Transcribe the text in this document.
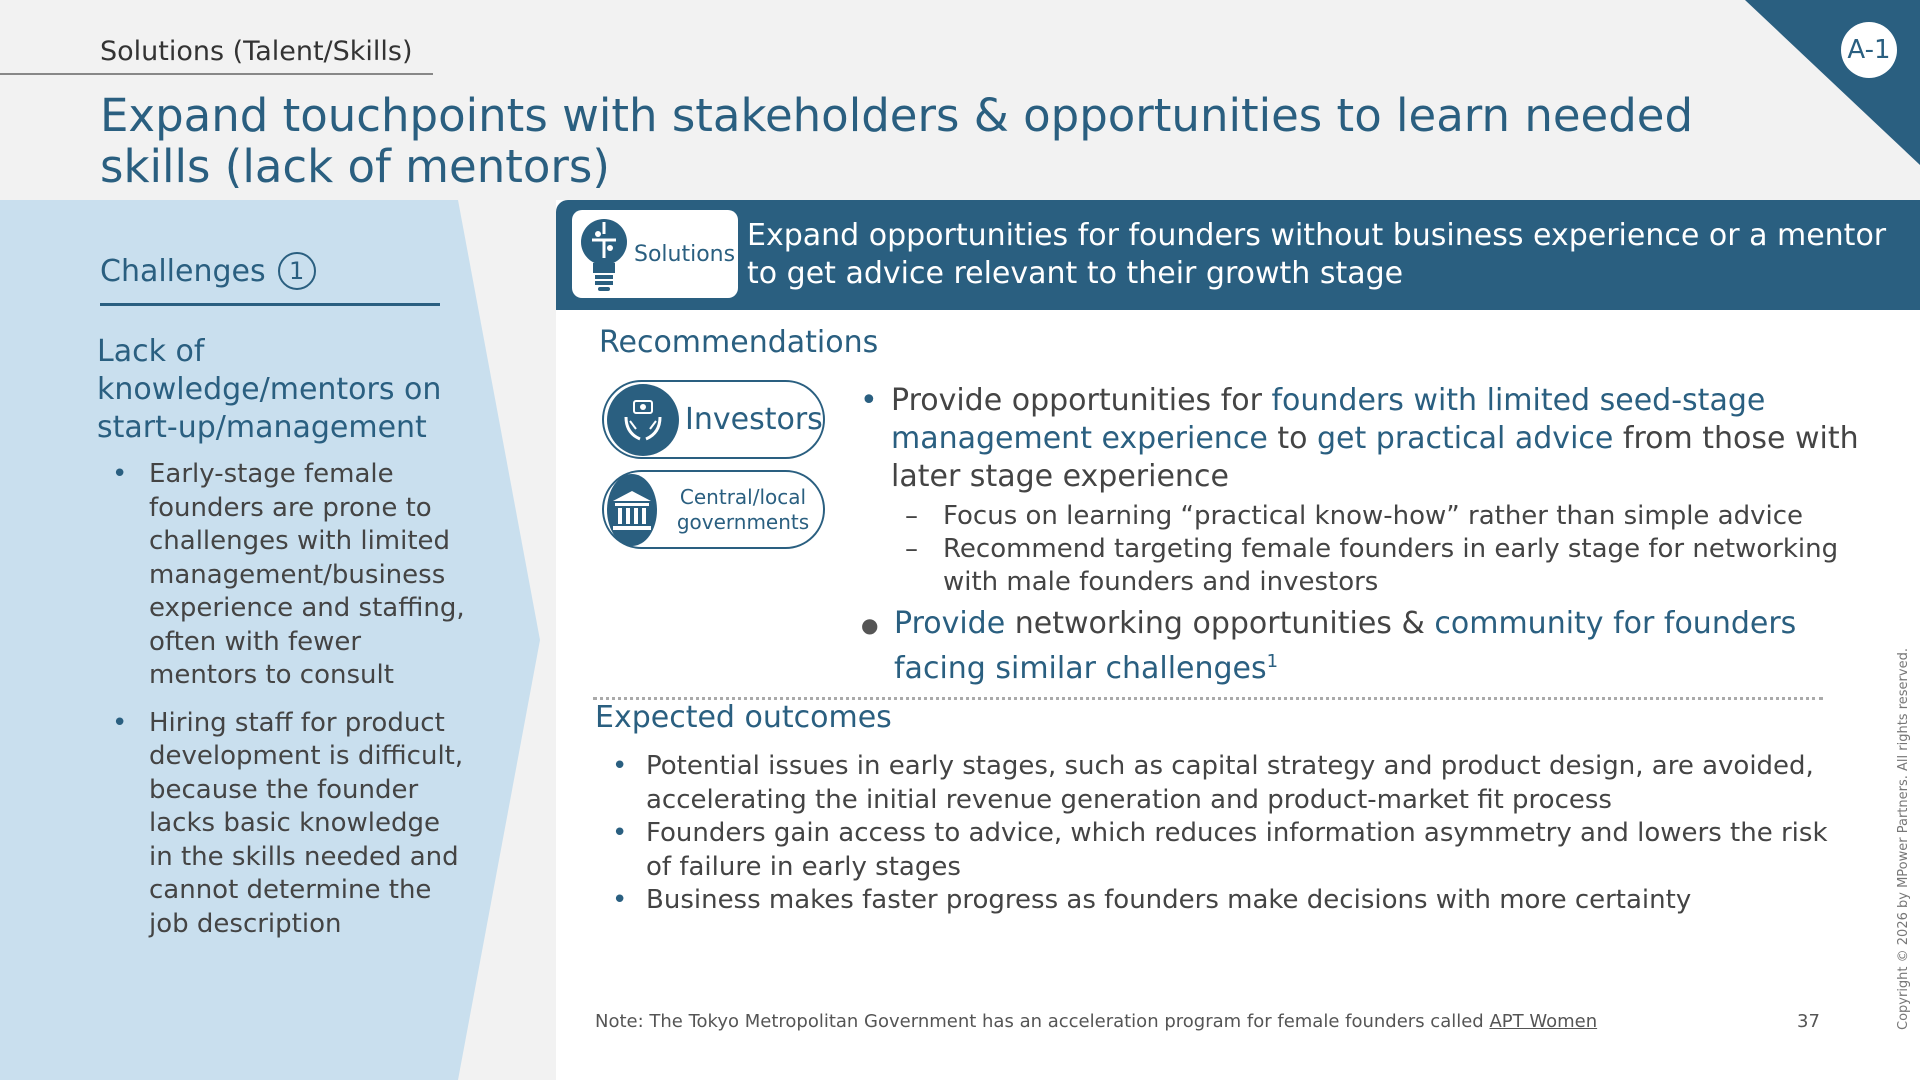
Solutions (Talent/Skills)
Expand touchpoints with stakeholders & opportunities to learn needed skills (lack of mentors)
A-1
Challenges 1
Lack of knowledge/mentors on start-up/management
• Early-stage female founders are prone to challenges with limited management/business experience and staffing, often with fewer mentors to consult
• Hiring staff for product development is difficult, because the founder lacks basic knowledge in the skills needed and cannot determine the job description
Solutions
Expand opportunities for founders without business experience or a mentor to get advice relevant to their growth stage
Recommendations
Investors
Central/local governments
• Provide opportunities for founders with limited seed-stage management experience to get practical advice from those with later stage experience
– Focus on learning “practical know-how” rather than simple advice
– Recommend targeting female founders in early stage for networking with male founders and investors
● Provide networking opportunities & community for founders facing similar challenges$^1$
Expected outcomes
• Potential issues in early stages, such as capital strategy and product design, are avoided, accelerating the initial revenue generation and product-market fit process
• Founders gain access to advice, which reduces information asymmetry and lowers the risk of failure in early stages
• Business makes faster progress as founders make decisions with more certainty
Note: The Tokyo Metropolitan Government has an acceleration program for female founders called APT Women	37	Copyright © 2026 by MPower Partners. All rights reserved.
